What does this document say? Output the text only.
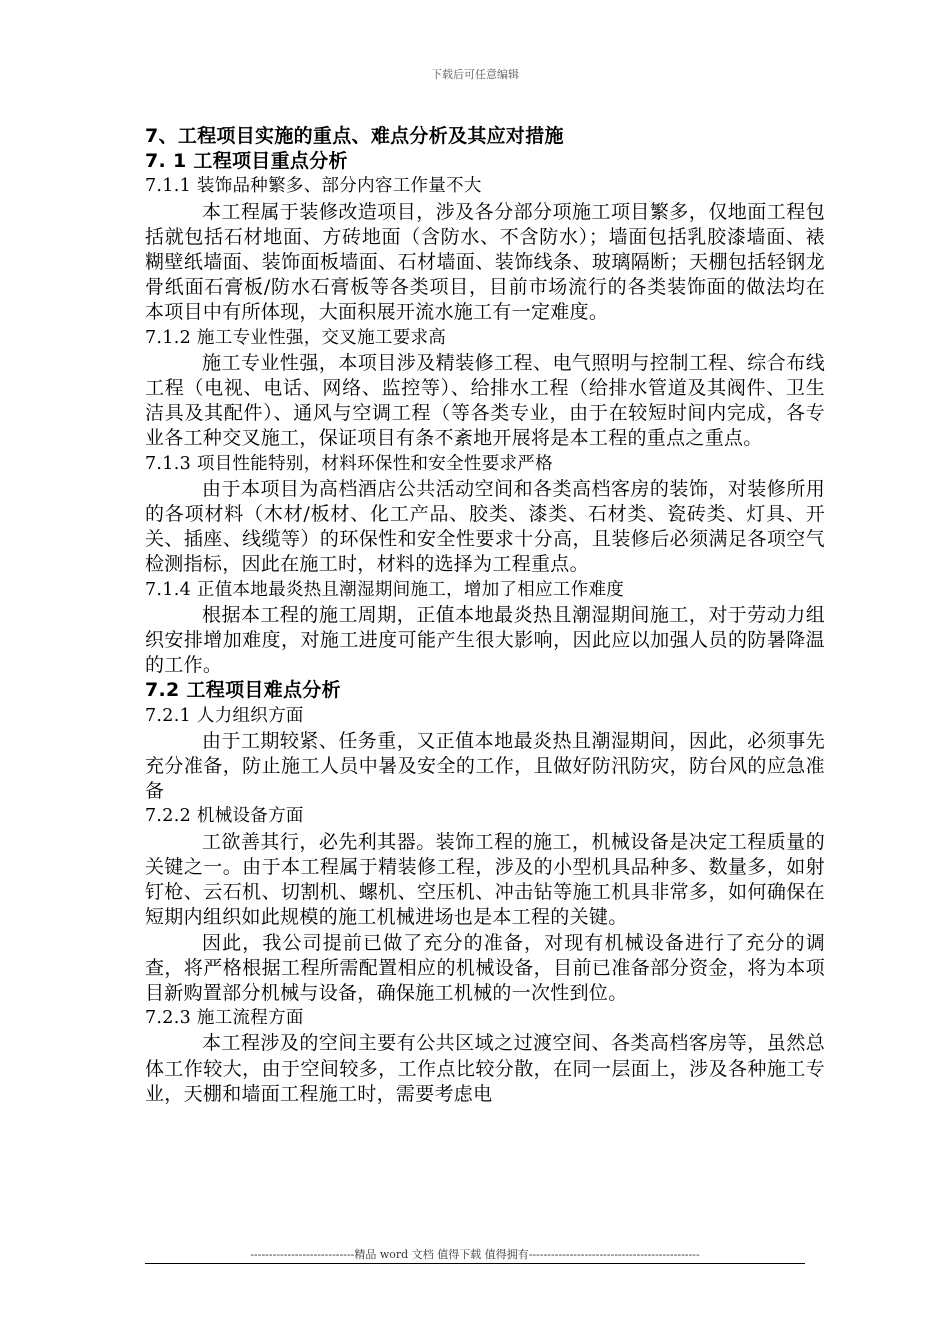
下载后可任意编辑

7、工程项目实施的重点、难点分析及其应对措施

7. 1 工程项目重点分析

7.1.1 装饰品种繁多、部分内容工作量不大

本工程属于装修改造项目，涉及各分部分项施工项目繁多，仅地面工程包括就包括石材地面、方砖地面（含防水、不含防水）；墙面包括乳胶漆墙面、裱糊壁纸墙面、装饰面板墙面、石材墙面、装饰线条、玻璃隔断；天棚包括轻钢龙骨纸面石膏板/防水石膏板等各类项目，目前市场流行的各类装饰面的做法均在本项目中有所体现，大面积展开流水施工有一定难度。

7.1.2 施工专业性强，交叉施工要求高

施工专业性强，本项目涉及精装修工程、电气照明与控制工程、综合布线工程（电视、电话、网络、监控等）、给排水工程（给排水管道及其阀件、卫生洁具及其配件）、通风与空调工程（等各类专业，由于在较短时间内完成，各专业各工种交叉施工，保证项目有条不紊地开展将是本工程的重点之重点。

7.1.3 项目性能特别，材料环保性和安全性要求严格

由于本项目为高档酒店公共活动空间和各类高档客房的装饰，对装修所用的各项材料（木材/板材、化工产品、胶类、漆类、石材类、瓷砖类、灯具、开关、插座、线缆等）的环保性和安全性要求十分高，且装修后必须满足各项空气检测指标，因此在施工时，材料的选择为工程重点。

7.1.4 正值本地最炎热且潮湿期间施工，增加了相应工作难度

根据本工程的施工周期，正值本地最炎热且潮湿期间施工，对于劳动力组织安排增加难度，对施工进度可能产生很大影响，因此应以加强人员的防暑降温的工作。

7.2 工程项目难点分析

7.2.1 人力组织方面

由于工期较紧、任务重，又正值本地最炎热且潮湿期间，因此，必须事先充分准备，防止施工人员中暑及安全的工作，且做好防汛防灾，防台风的应急准备

7.2.2 机械设备方面

工欲善其行，必先利其器。装饰工程的施工，机械设备是决定工程质量的关键之一。由于本工程属于精装修工程，涉及的小型机具品种多、数量多，如射钉枪、云石机、切割机、螺机、空压机、冲击钻等施工机具非常多，如何确保在短期内组织如此规模的施工机械进场也是本工程的关键。

因此，我公司提前已做了充分的准备，对现有机械设备进行了充分的调查，将严格根据工程所需配置相应的机械设备，目前已准备部分资金，将为本项目新购置部分机械与设备，确保施工机械的一次性到位。

7.2.3 施工流程方面

本工程涉及的空间主要有公共区域之过渡空间、各类高档客房等，虽然总体工作较大，由于空间较多，工作点比较分散，在同一层面上，涉及各种施工专业，天棚和墙面工程施工时，需要考虑电

----------------------------精品 word 文档 值得下载 值得拥有----------------------------------------------
